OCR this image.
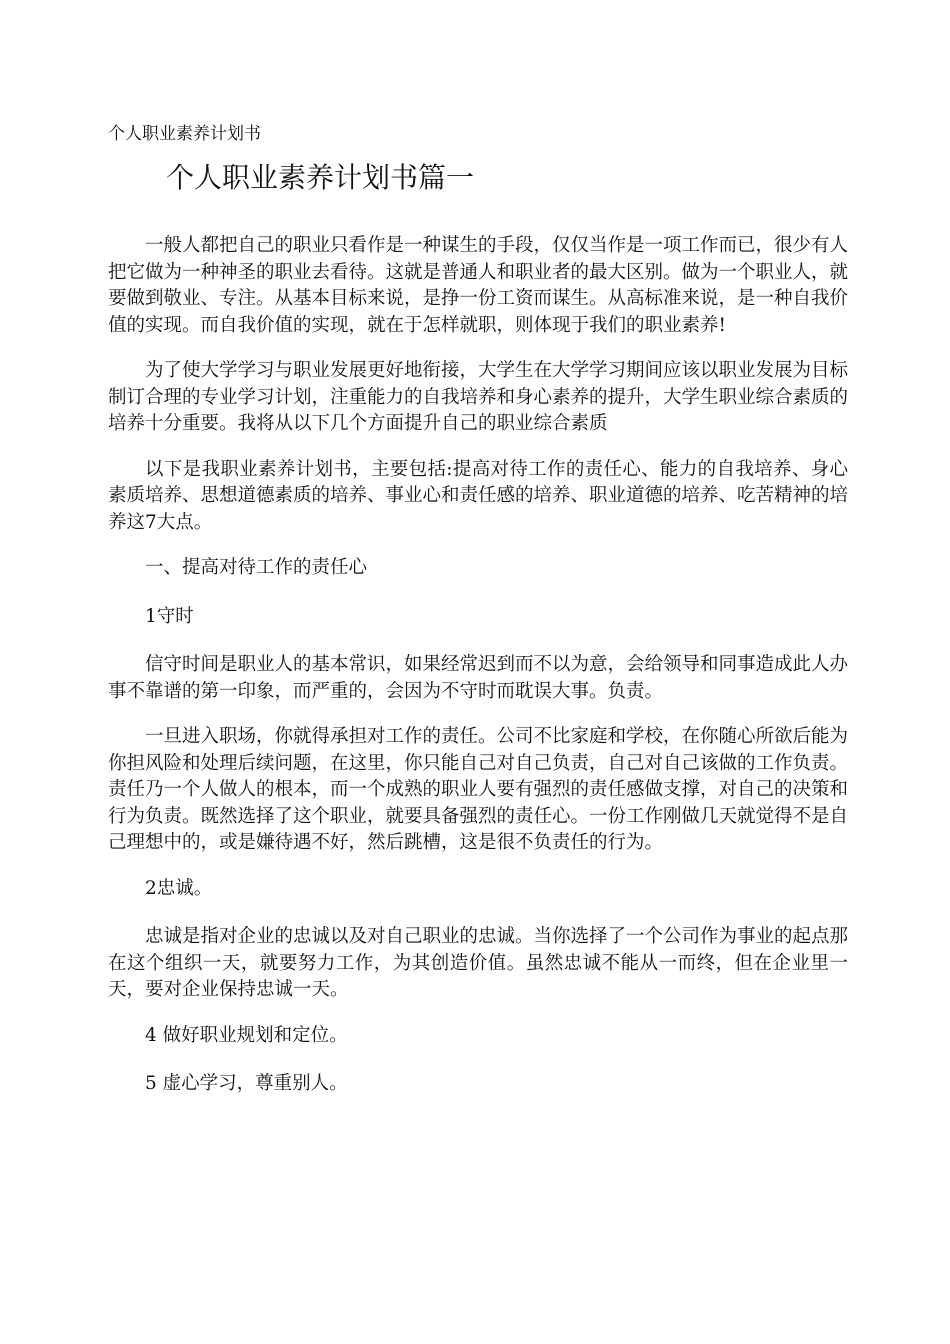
个人职业素养计划书
个人职业素养计划书篇一

一般人都把自己的职业只看作是一种谋生的手段，仅仅当作是一项工作而已，很少有人把它做为一种神圣的职业去看待。这就是普通人和职业者的最大区别。做为一个职业人，就要做到敬业、专注。从基本目标来说，是挣一份工资而谋生。从高标准来说，是一种自我价值的实现。而自我价值的实现，就在于怎样就职，则体现于我们的职业素养!

为了使大学学习与职业发展更好地衔接，大学生在大学学习期间应该以职业发展为目标制订合理的专业学习计划，注重能力的自我培养和身心素养的提升，大学生职业综合素质的培养十分重要。我将从以下几个方面提升自己的职业综合素质

以下是我职业素养计划书，主要包括:提高对待工作的责任心、能力的自我培养、身心素质培养、思想道德素质的培养、事业心和责任感的培养、职业道德的培养、吃苦精神的培养这7大点。

一、提高对待工作的责任心

1守时

信守时间是职业人的基本常识，如果经常迟到而不以为意，会给领导和同事造成此人办事不靠谱的第一印象，而严重的，会因为不守时而耽误大事。负责。

一旦进入职场，你就得承担对工作的责任。公司不比家庭和学校，在你随心所欲后能为你担风险和处理后续问题，在这里，你只能自己对自己负责，自己对自己该做的工作负责。责任乃一个人做人的根本，而一个成熟的职业人要有强烈的责任感做支撑，对自己的决策和行为负责。既然选择了这个职业，就要具备强烈的责任心。一份工作刚做几天就觉得不是自己理想中的，或是嫌待遇不好，然后跳槽，这是很不负责任的行为。

2忠诚。

忠诚是指对企业的忠诚以及对自己职业的忠诚。当你选择了一个公司作为事业的起点那在这个组织一天，就要努力工作，为其创造价值。虽然忠诚不能从一而终，但在企业里一天，要对企业保持忠诚一天。

4 做好职业规划和定位。

5 虚心学习，尊重别人。
